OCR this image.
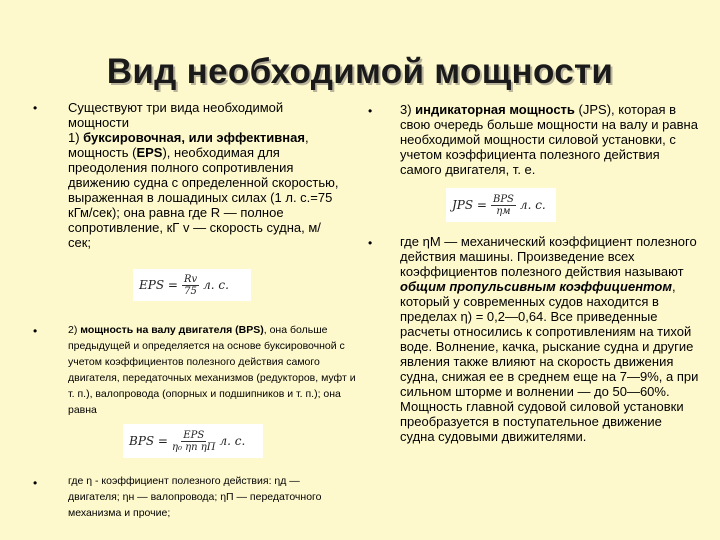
Вид необходимой мощности
• Существуют три вида необходимой мощности
1) буксировочная, или эффективная, мощность (EPS), необходимая для преодоления полного сопротивления движению судна с определенной скоростью, выраженная в лошадиных силах (1 л. с.=75 кГм/сек); она равна где R — полное сопротивление, кГ v — скорость судна, м/сек;
EPS = $\frac{Rv}{75} л$. с.
•	2) мощность на валу двигателя (BPS), она больше предыдущей и определяется на основе буксировочной с учетом коэффициентов полезного действия самого двигателя, передаточных механизмов (редукторов, муфт и т. п.), валопровода (опорных и подшипников и т. п.); она равна
BPS = $\frac{\text{EPS}}{\text{η₀ ηп ηП}} л$. с.
•	где η - коэффициент полезного действия: ηд — двигателя; ηн — валопровода; ηП — передаточного механизма и прочие;
• 3) индикаторная мощность (JPS), которая в свою очередь больше мощности на валу и равна необходимой мощности силовой установки, с учетом коэффициента полезного действия самого двигателя, т. е.
JPS = $\frac{\text{BPS}}{\eta м} л$. с.
• где ηМ — механический коэффициент полезного действия машины. Произведение всех коэффициентов полезного действия называют общим пропульсивным коэффициентом, который у современных судов находится в пределах η) = 0,2—0,64. Все приведенные расчеты относились к сопротивлениям на тихой воде. Волнение, качка, рыскание судна и другие явления также влияют на скорость движения судна, снижая ее в среднем еще на 7—9%, а при сильном шторме и волнении — до 50—60%. Мощность главной судовой силовой установки преобразуется в поступательное движение судна судовыми движителями.
